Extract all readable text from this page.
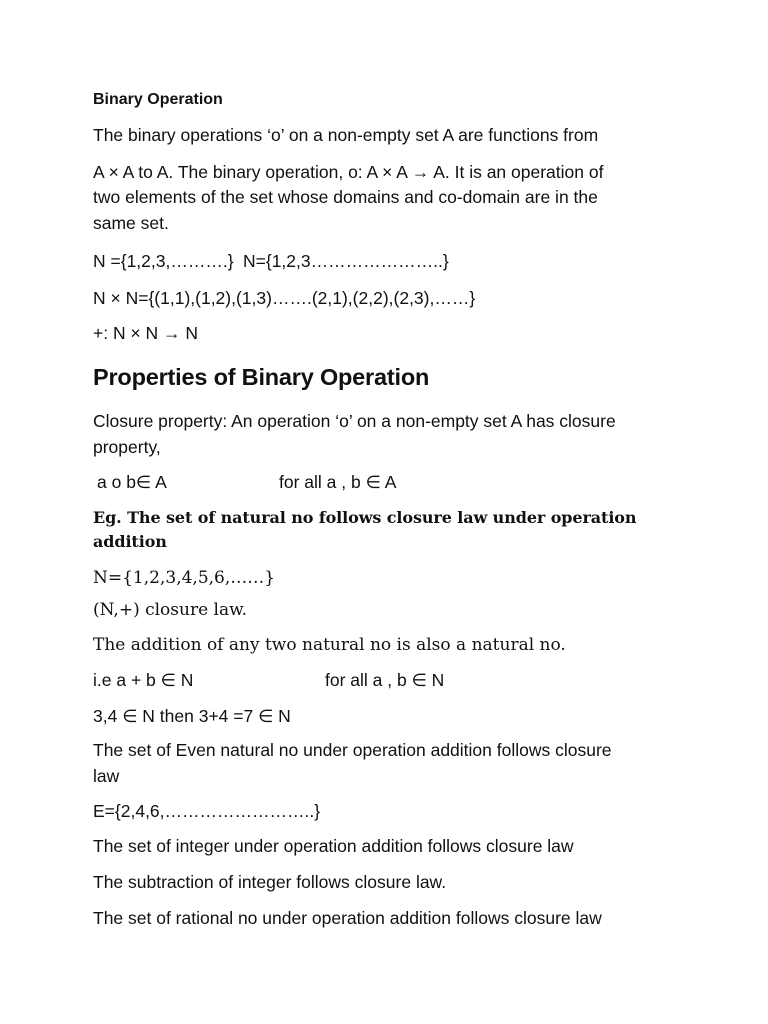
Binary Operation
The binary operations ‘o’ on a non-empty set A are functions from
A × A to A. The binary operation, o: A × A → A. It is an operation of
two elements of the set whose domains and co-domain are in the
same set.
N ={1,2,3,……….} N={1,2,3…………………..}
N × N={(1,1),(1,2),(1,3)…….(2,1),(2,2),(2,3),……}
+: N × N → N
Properties of Binary Operation
Closure property: An operation ‘o’ on a non-empty set A has closure
property,
a o b∈ A	for all a , b ∈ A
Eg. The set of natural no follows closure law under operation
addition
N={1,2,3,4,5,6,……}
(N,+) closure law.
The addition of any two natural no is also a natural no.
i.e a + b ∈ N	for all a , b ∈ N
3,4 ∈ N then 3+4 =7 ∈ N
The set of Even natural no under operation addition follows closure
law
E={2,4,6,……………………..}
The set of integer under operation addition follows closure law
The subtraction of integer follows closure law.
The set of rational no under operation addition follows closure law
